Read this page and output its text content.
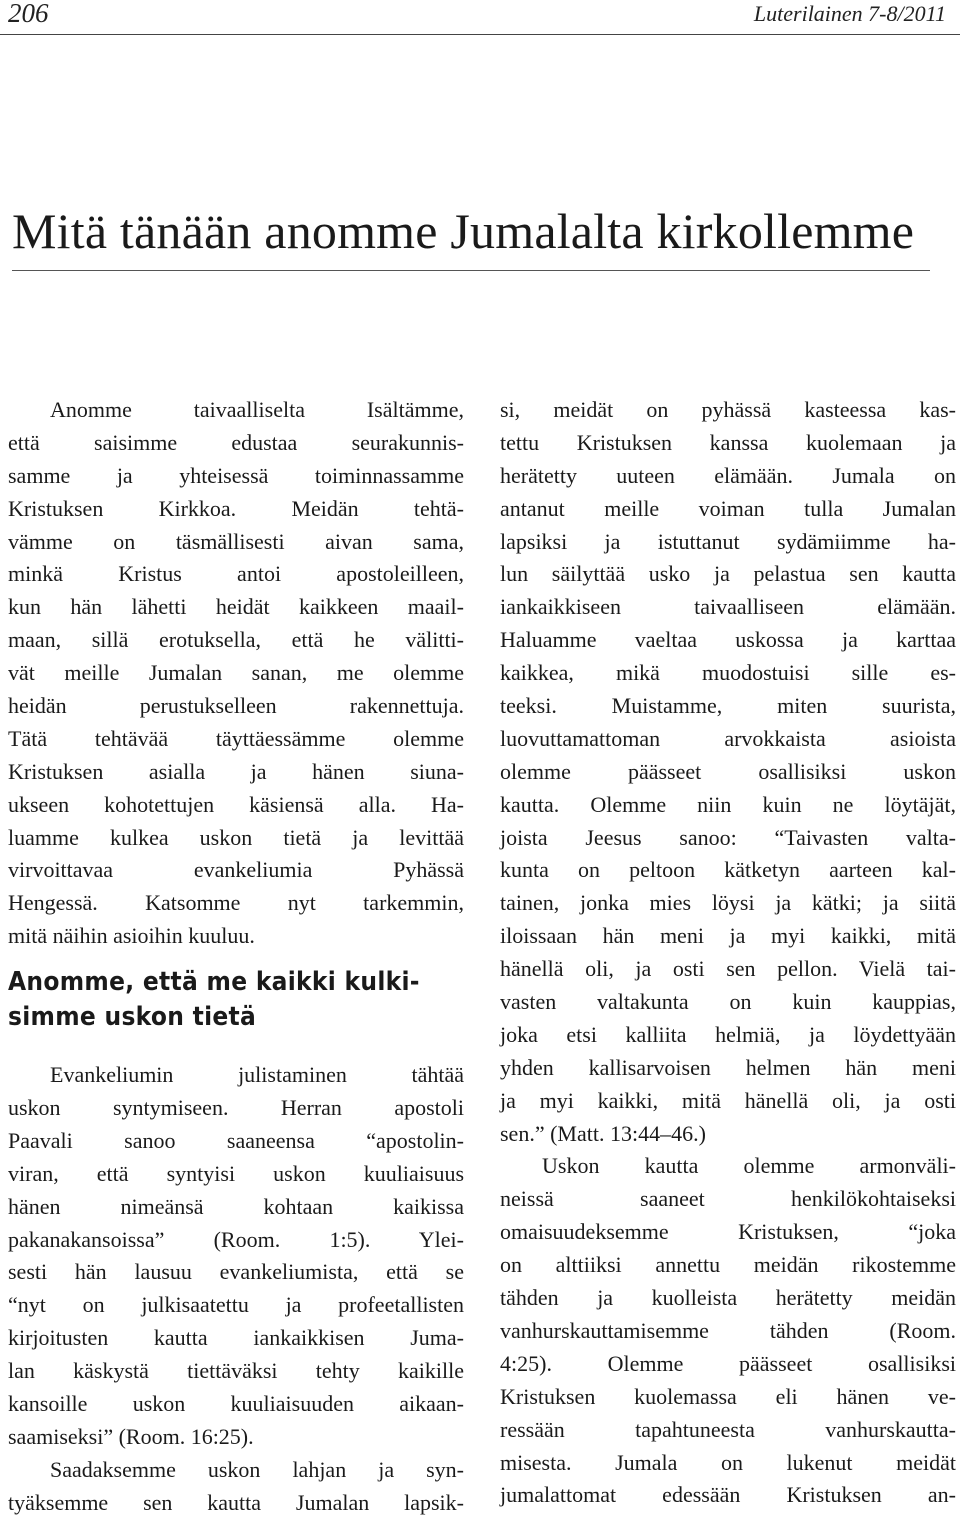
206	Luterilainen 7-8/2011
Mitä tänään anomme Jumalalta kirkollemme
Anomme taivaalliselta Isältämme,
että saisimme edustaa seurakunnis-
samme ja yhteisessä toiminnassamme
Kristuksen Kirkkoa. Meidän tehtä-
vämme on täsmällisesti aivan sama,
minkä Kristus antoi apostoleilleen,
kun hän lähetti heidät kaikkeen maail-
maan, sillä erotuksella, että he välitti-
vät meille Jumalan sanan, me olemme
heidän perustukselleen rakennettuja.
Tätä tehtävää täyttäessämme olemme
Kristuksen asialla ja hänen siuna-
ukseen kohotettujen käsiensä alla. Ha-
luamme kulkea uskon tietä ja levittää
virvoittavaa evankeliumia Pyhässä
Hengessä. Katsomme nyt tarkemmin,
mitä näihin asioihin kuuluu.
Anomme, että me kaikki kulki-
simme uskon tietä
Evankeliumin julistaminen tähtää
uskon syntymiseen. Herran apostoli
Paavali sanoo saaneensa “apostolin-
viran, että syntyisi uskon kuuliaisuus
hänen nimeänsä kohtaan kaikissa
pakanakansoissa” (Room. 1:5). Ylei-
sesti hän lausuu evankeliumista, että se
“nyt on julkisaatettu ja profeetallisten
kirjoitusten kautta iankaikkisen Juma-
lan käskystä tiettäväksi tehty kaikille
kansoille uskon kuuliaisuuden aikaan-
saamiseksi” (Room. 16:25).
Saadaksemme uskon lahjan ja syn-
tyäksemme sen kautta Jumalan lapsik-
si, meidät on pyhässä kasteessa kas-
tettu Kristuksen kanssa kuolemaan ja
herätetty uuteen elämään. Jumala on
antanut meille voiman tulla Jumalan
lapsiksi ja istuttanut sydämiimme ha-
lun säilyttää usko ja pelastua sen kautta
iankaikkiseen taivaalliseen elämään.
Haluamme vaeltaa uskossa ja karttaa
kaikkea, mikä muodostuisi sille es-
teeksi. Muistamme, miten suurista,
luovuttamattoman arvokkaista asioista
olemme päässeet osallisiksi uskon
kautta. Olemme niin kuin ne löytäjät,
joista Jeesus sanoo: “Taivasten valta-
kunta on peltoon kätketyn aarteen kal-
tainen, jonka mies löysi ja kätki; ja siitä
iloissaan hän meni ja myi kaikki, mitä
hänellä oli, ja osti sen pellon. Vielä tai-
vasten valtakunta on kuin kauppias,
joka etsi kalliita helmiä, ja löydettyään
yhden kallisarvoisen helmen hän meni
ja myi kaikki, mitä hänellä oli, ja osti
sen.” (Matt. 13:44–46.)
Uskon kautta olemme armonväli-
neissä saaneet henkilökohtaiseksi
omaisuudeksemme Kristuksen, “joka
on alttiiksi annettu meidän rikostemme
tähden ja kuolleista herätetty meidän
vanhurskauttamisemme tähden (Room.
4:25). Olemme päässeet osallisiksi
Kristuksen kuolemassa eli hänen ve-
ressään tapahtuneesta vanhurskautta-
misesta. Jumala on lukenut meidät
jumalattomat edessään Kristuksen an-
